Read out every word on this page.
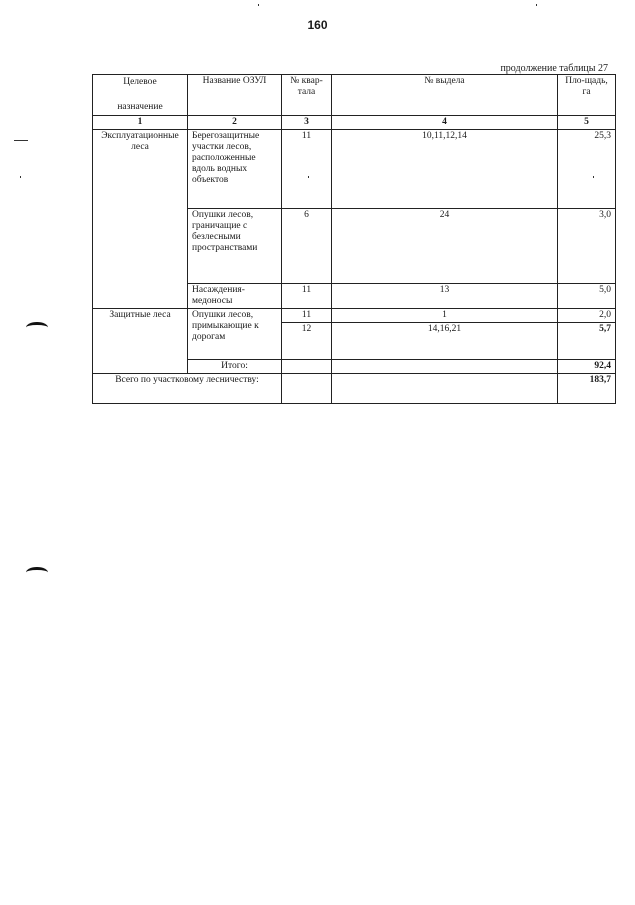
160
продолжение таблицы 27
Целевое
назначение	Название ОЗУЛ	№ квар-тала	№ выдела	Пло-щадь, га
1	2	3	4	5
Эксплуатационные леса	Берегозащитные участки лесов, расположенные вдоль водных объектов	11	10,11,12,14	25,3
	Опушки лесов, граничащие с безлесными пространствами	6	24	3,0
	Насаждения-медоносы	11	13	5,0
Защитные леса	Опушки лесов, примыкающие к дорогам	11	1	2,0
		12	14,16,21	5,7
	Итого:			92,4
Всего по участковому лесничеству:				183,7
